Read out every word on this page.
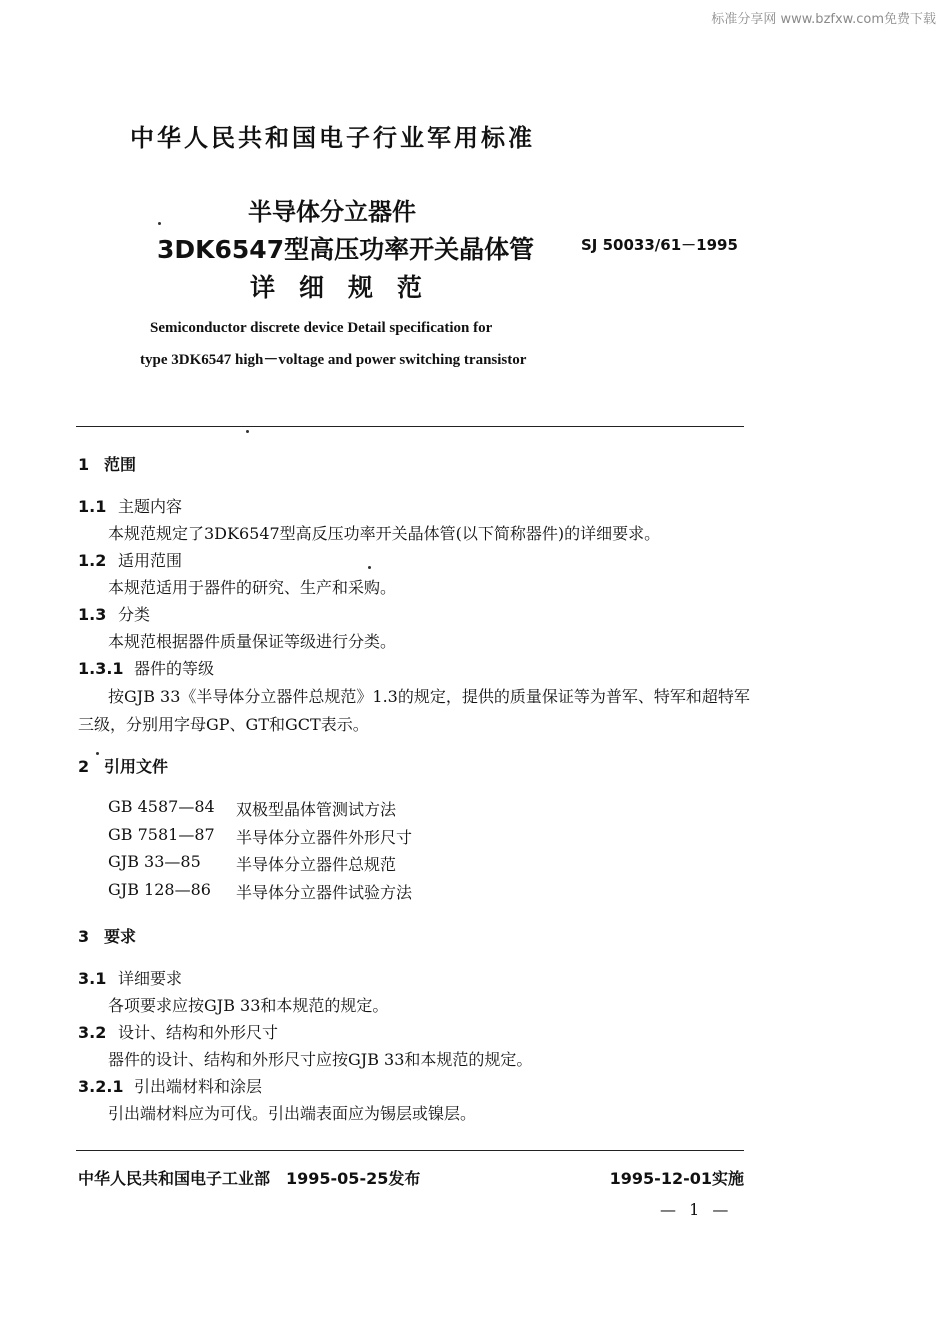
标准分享网 www.bzfxw.com免费下载
中华人民共和国电子行业军用标准
半导体分立器件
3DK6547型高压功率开关晶体管
详细规范
SJ 50033/61－1995
Semiconductor discrete device Detail specification for
type 3DK6547 high－voltage and power switching transistor
1 范围
1.1 主题内容
本规范规定了3DK6547型高反压功率开关晶体管(以下简称器件)的详细要求。
1.2 适用范围
本规范适用于器件的研究、生产和采购。
1.3 分类
本规范根据器件质量保证等级进行分类。
1.3.1 器件的等级
按GJB 33《半导体分立器件总规范》1.3的规定，提供的质量保证等为普军、特军和超特军
三级，分别用字母GP、GT和GCT表示。
2 引用文件
GB 4587—84 双极型晶体管测试方法
GB 7581—87 半导体分立器件外形尺寸
GJB 33—85 半导体分立器件总规范
GJB 128—86 半导体分立器件试验方法
3 要求
3.1 详细要求
各项要求应按GJB 33和本规范的规定。
3.2 设计、结构和外形尺寸
器件的设计、结构和外形尺寸应按GJB 33和本规范的规定。
3.2.1 引出端材料和涂层
引出端材料应为可伐。引出端表面应为锡层或镍层。
中华人民共和国电子工业部　1995-05-25发布	1995-12-01实施
— 1 —
